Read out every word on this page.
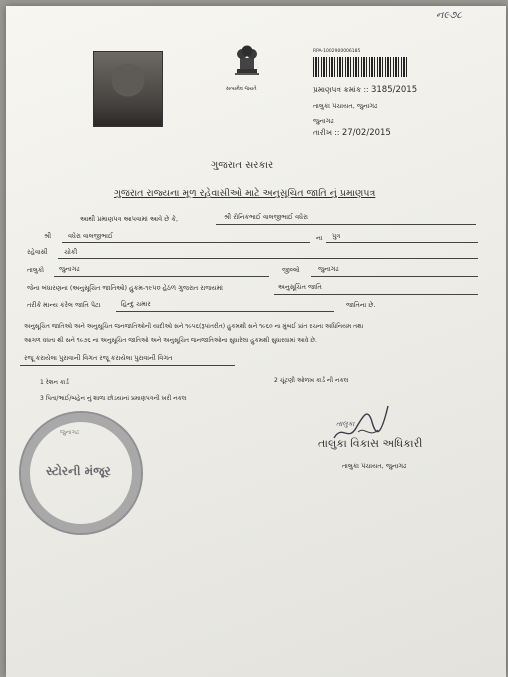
ન૯૭૮
સત્યમેવ જયતે
RPA-1002900006185
પ્રમાણપત્ર ક્રમાંક :: 3185/2015
તાલુકા પંચાયત, જુનાગઢ
જુનાગઢ
તારીખ :: 27/02/2015
ગુજરાત સરકાર
ગુજરાત રાજ્યના મૂળ રહેવાસીઓ માટે અનુસૂચિત જાતિ નું પ્રમાણપત્ર
આથી પ્રમાણપત્ર આપવામાં આવે છે કે,	શ્રી રોનિકભાઈ વાલજીભાઈ વધેરા
શ્રી	વધેરા વાલજીભાઈ	ના પુત્ર
રહેવાસી	ચોકી
તાલુકો જુનાગઢ	જીલ્લો	જુનાગઢ
જેના બંધારણના (અનુસૂચિત જાતિઓ) હુકમ-૧૯૫૦ હેઠળ ગુજરાત રાજયમાં	અનુસૂચિત જાતિ
તરીકે માન્ય કરેલ જાતિ પેટા	હિન્દુ ચમાર	જાતિના છે.
અનુસૂચિત જાતિઓ અને અનુસૂચિત જનજાતિઓની યાદીઓ સને ૧૯૫૬(રૂપાંતરીત) હુકમથી સને ૧૯૬૦ ના મુંબઈ પ્રાંત રચના અધિનિયમ તથા
આગળ વધતા થી સને ૧૯૭૬ ના અનુસૂચિત જાતિઓ અને અનુસૂચિત જનજાતિઓના સુધારેલા હુકમથી સુધારવામાં આવે છે.
રજૂ કરાયેલા પુરાવાની વિગત રજૂ કરાયેલા પુરાવાની વિગત
1 રેશન કાર્ડ	2 ચૂંટણી ઓળખ કાર્ડ ની નકલ
3 પિતા/ભાઈ/બહેન નું શાળા છોડયાનાં પ્રમાણપત્રની ખરી નકલ
જુનાગઢ
સ્ટોરની મંજૂર
તાલુકા
તાલુકા વિકાસ અધિકારી
તાલુકા પંચાયત, જુનાગઢ
